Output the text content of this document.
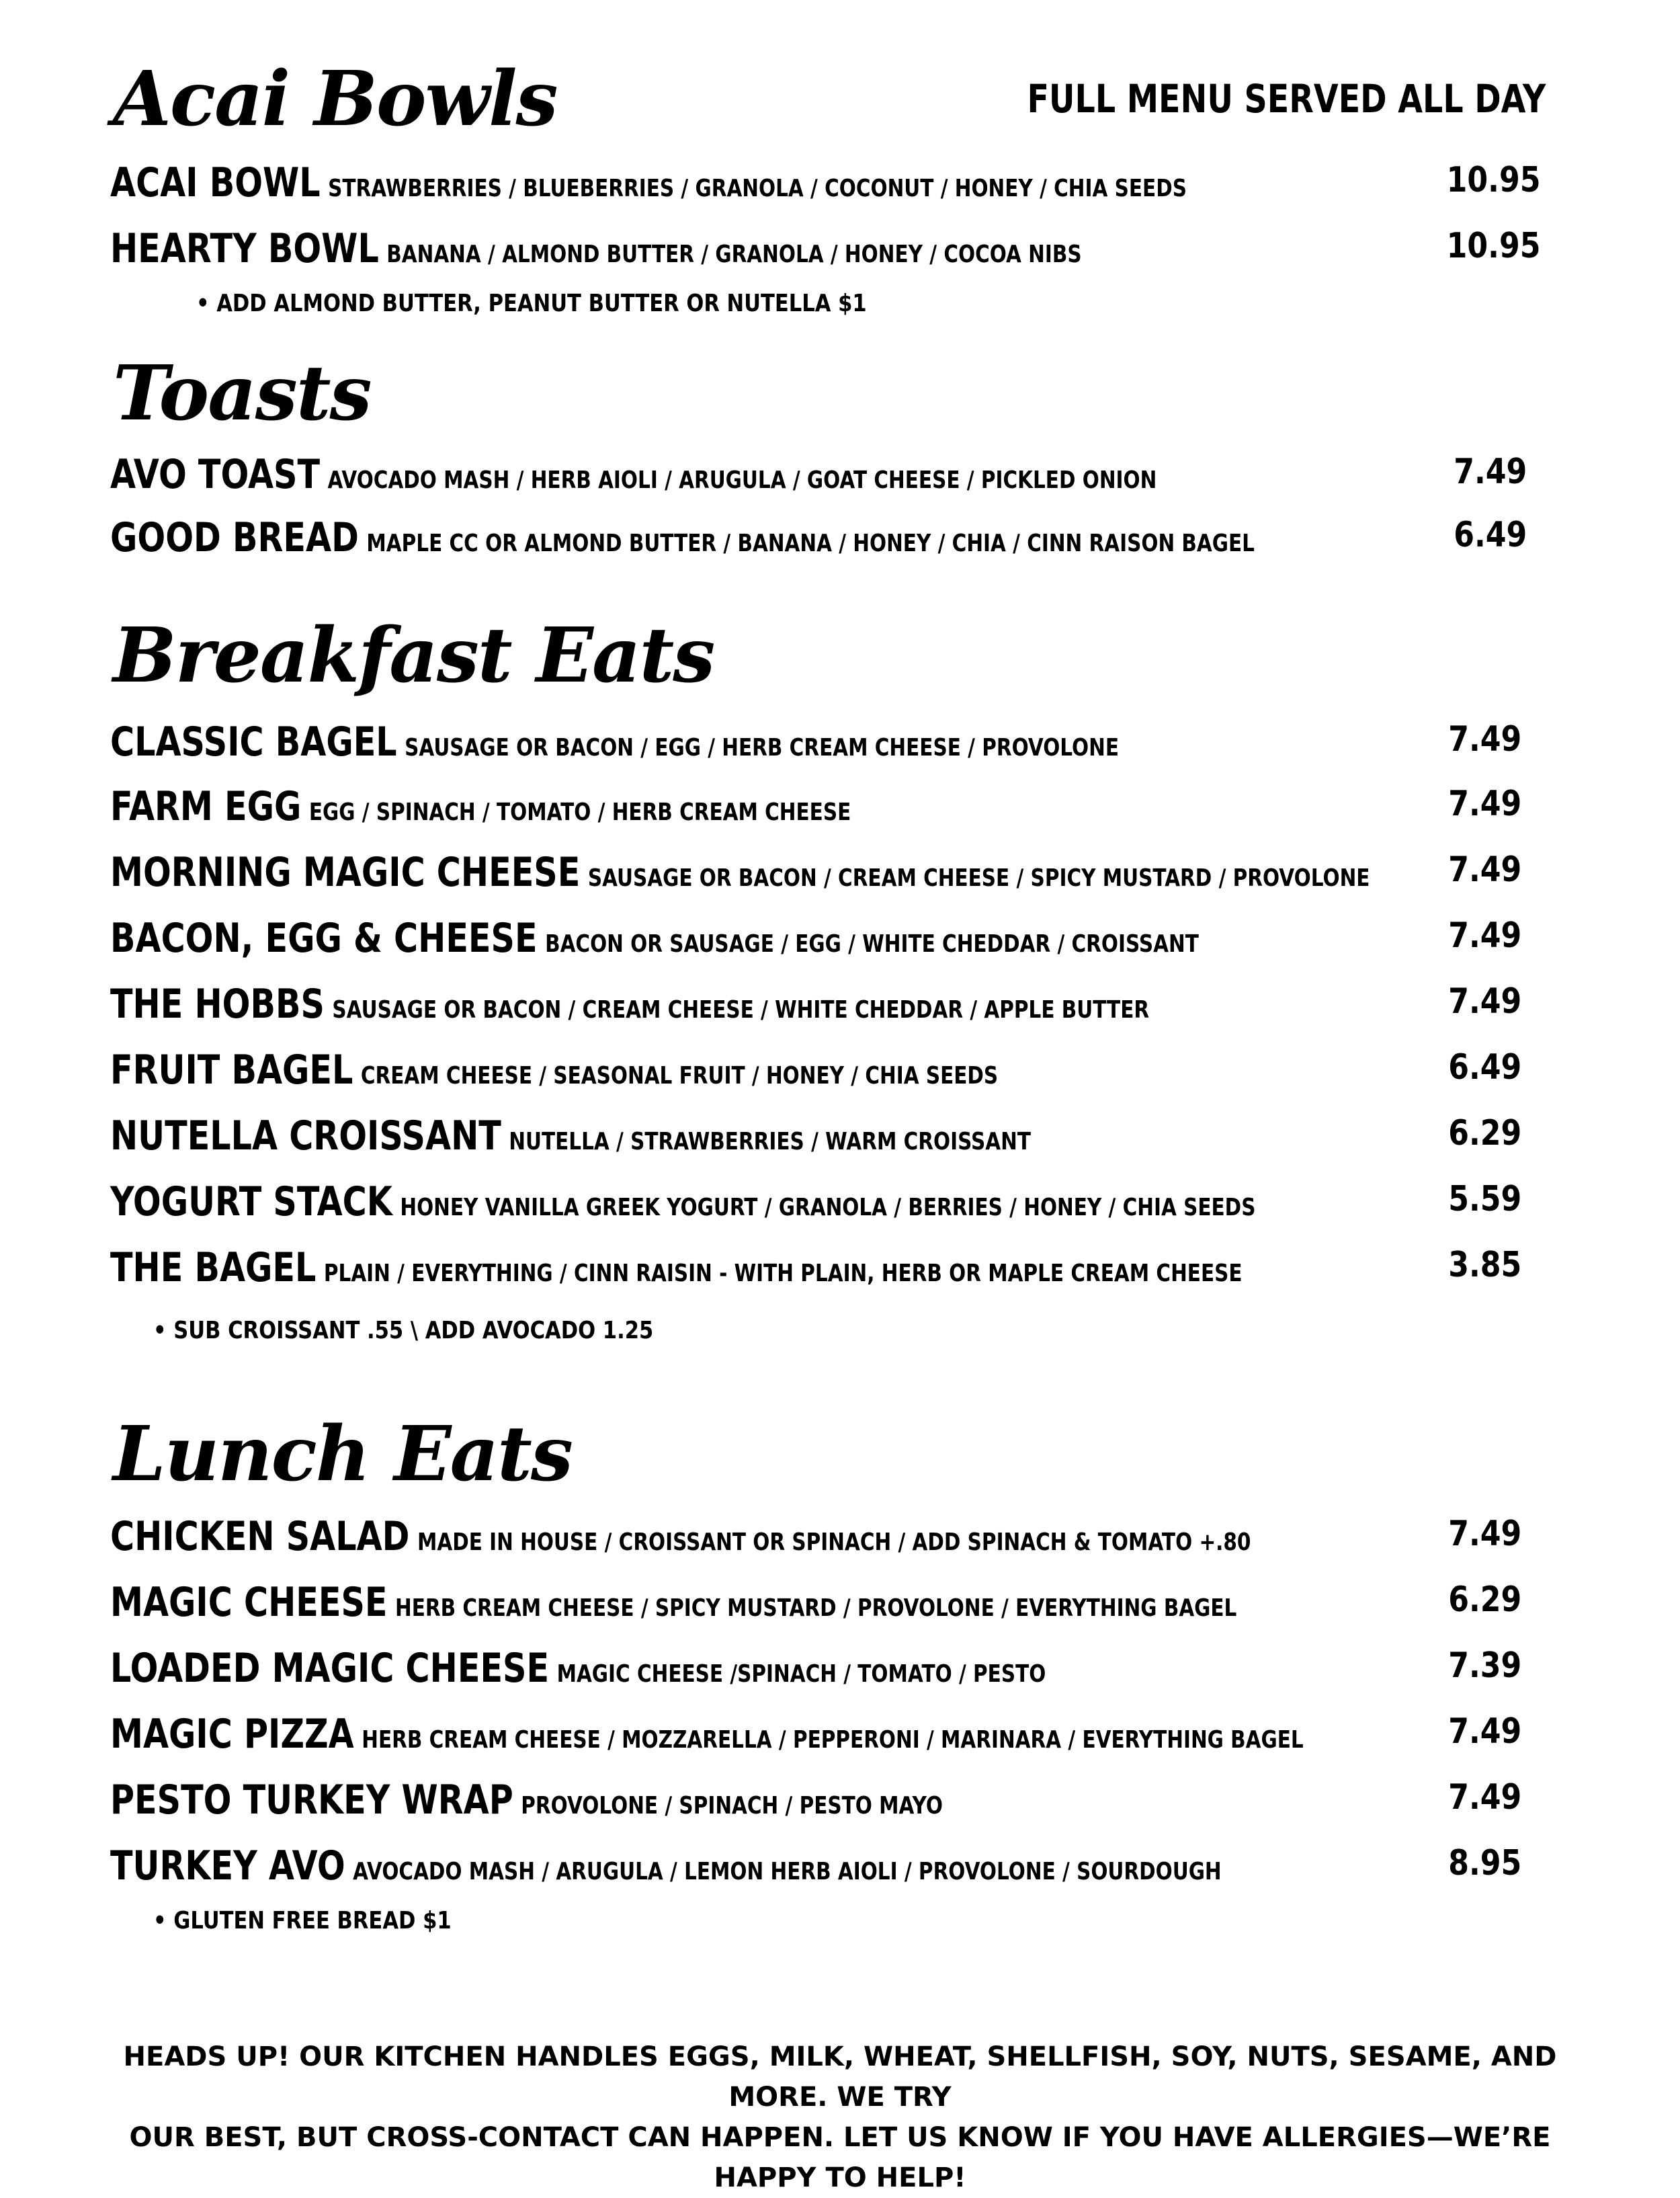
Acai Bowls	FULL MENU SERVED ALL DAY
ACAI BOWL STRAWBERRIES / BLUEBERRIES / GRANOLA / COCONUT / HONEY / CHIA SEEDS	10.95
HEARTY BOWL BANANA / ALMOND BUTTER / GRANOLA / HONEY / COCOA NIBS	10.95
• ADD ALMOND BUTTER, PEANUT BUTTER OR NUTELLA $1
Toasts
AVO TOAST AVOCADO MASH / HERB AIOLI / ARUGULA / GOAT CHEESE / PICKLED ONION	7.49
GOOD BREAD MAPLE CC OR ALMOND BUTTER / BANANA / HONEY / CHIA / CINN RAISON BAGEL	6.49
Breakfast Eats
CLASSIC BAGEL SAUSAGE OR BACON / EGG / HERB CREAM CHEESE / PROVOLONE	7.49
FARM EGG EGG / SPINACH / TOMATO / HERB CREAM CHEESE	7.49
MORNING MAGIC CHEESE SAUSAGE OR BACON / CREAM CHEESE / SPICY MUSTARD / PROVOLONE 7.49
BACON, EGG & CHEESE BACON OR SAUSAGE / EGG / WHITE CHEDDAR / CROISSANT	7.49
THE HOBBS SAUSAGE OR BACON / CREAM CHEESE / WHITE CHEDDAR / APPLE BUTTER	7.49
FRUIT BAGEL CREAM CHEESE / SEASONAL FRUIT / HONEY / CHIA SEEDS	6.49
NUTELLA CROISSANT NUTELLA / STRAWBERRIES / WARM CROISSANT	6.29
YOGURT STACK HONEY VANILLA GREEK YOGURT / GRANOLA / BERRIES / HONEY / CHIA SEEDS	5.59
THE BAGEL PLAIN / EVERYTHING / CINN RAISIN - WITH PLAIN, HERB OR MAPLE CREAM CHEESE	3.85
• SUB CROISSANT .55 \ ADD AVOCADO 1.25
Lunch Eats
CHICKEN SALAD MADE IN HOUSE / CROISSANT OR SPINACH / ADD SPINACH & TOMATO +.80	7.49
MAGIC CHEESE HERB CREAM CHEESE / SPICY MUSTARD / PROVOLONE / EVERYTHING BAGEL	6.29
LOADED MAGIC CHEESE MAGIC CHEESE /SPINACH / TOMATO / PESTO	7.39
MAGIC PIZZA HERB CREAM CHEESE / MOZZARELLA / PEPPERONI / MARINARA / EVERYTHING BAGEL	7.49
PESTO TURKEY WRAP PROVOLONE / SPINACH / PESTO MAYO	7.49
TURKEY AVO AVOCADO MASH / ARUGULA / LEMON HERB AIOLI / PROVOLONE / SOURDOUGH	8.95
• GLUTEN FREE BREAD $1
HEADS UP! OUR KITCHEN HANDLES EGGS, MILK, WHEAT, SHELLFISH, SOY, NUTS, SESAME, AND MORE. WE TRY
OUR BEST, BUT CROSS-CONTACT CAN HAPPEN. LET US KNOW IF YOU HAVE ALLERGIES—WE’RE HAPPY TO HELP!
